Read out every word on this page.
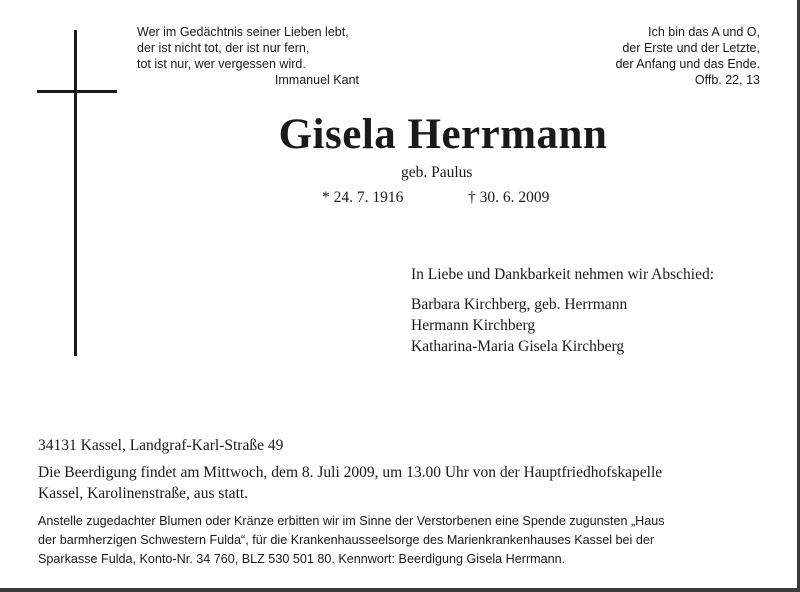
Wer im Gedächtnis seiner Lieben lebt,
der ist nicht tot, der ist nur fern,
tot ist nur, wer vergessen wird.
Immanuel Kant
Ich bin das A und O,
der Erste und der Letzte,
der Anfang und das Ende.
Offb. 22, 13
Gisela Herrmann
geb. Paulus
* 24. 7. 1916	† 30. 6. 2009
In Liebe und Dankbarkeit nehmen wir Abschied:
Barbara Kirchberg, geb. Herrmann
Hermann Kirchberg
Katharina-Maria Gisela Kirchberg
34131 Kassel, Landgraf-Karl-Straße 49
Die Beerdigung findet am Mittwoch, dem 8. Juli 2009, um 13.00 Uhr von der Hauptfriedhofskapelle
Kassel, Karolinenstraße, aus statt.
Anstelle zugedachter Blumen oder Kränze erbitten wir im Sinne der Verstorbenen eine Spende zugunsten „Haus
der barmherzigen Schwestern Fulda“, für die Krankenhausseelsorge des Marienkrankenhauses Kassel bei der
Sparkasse Fulda, Konto-Nr. 34 760, BLZ 530 501 80. Kennwort: Beerdigung Gisela Herrmann.
